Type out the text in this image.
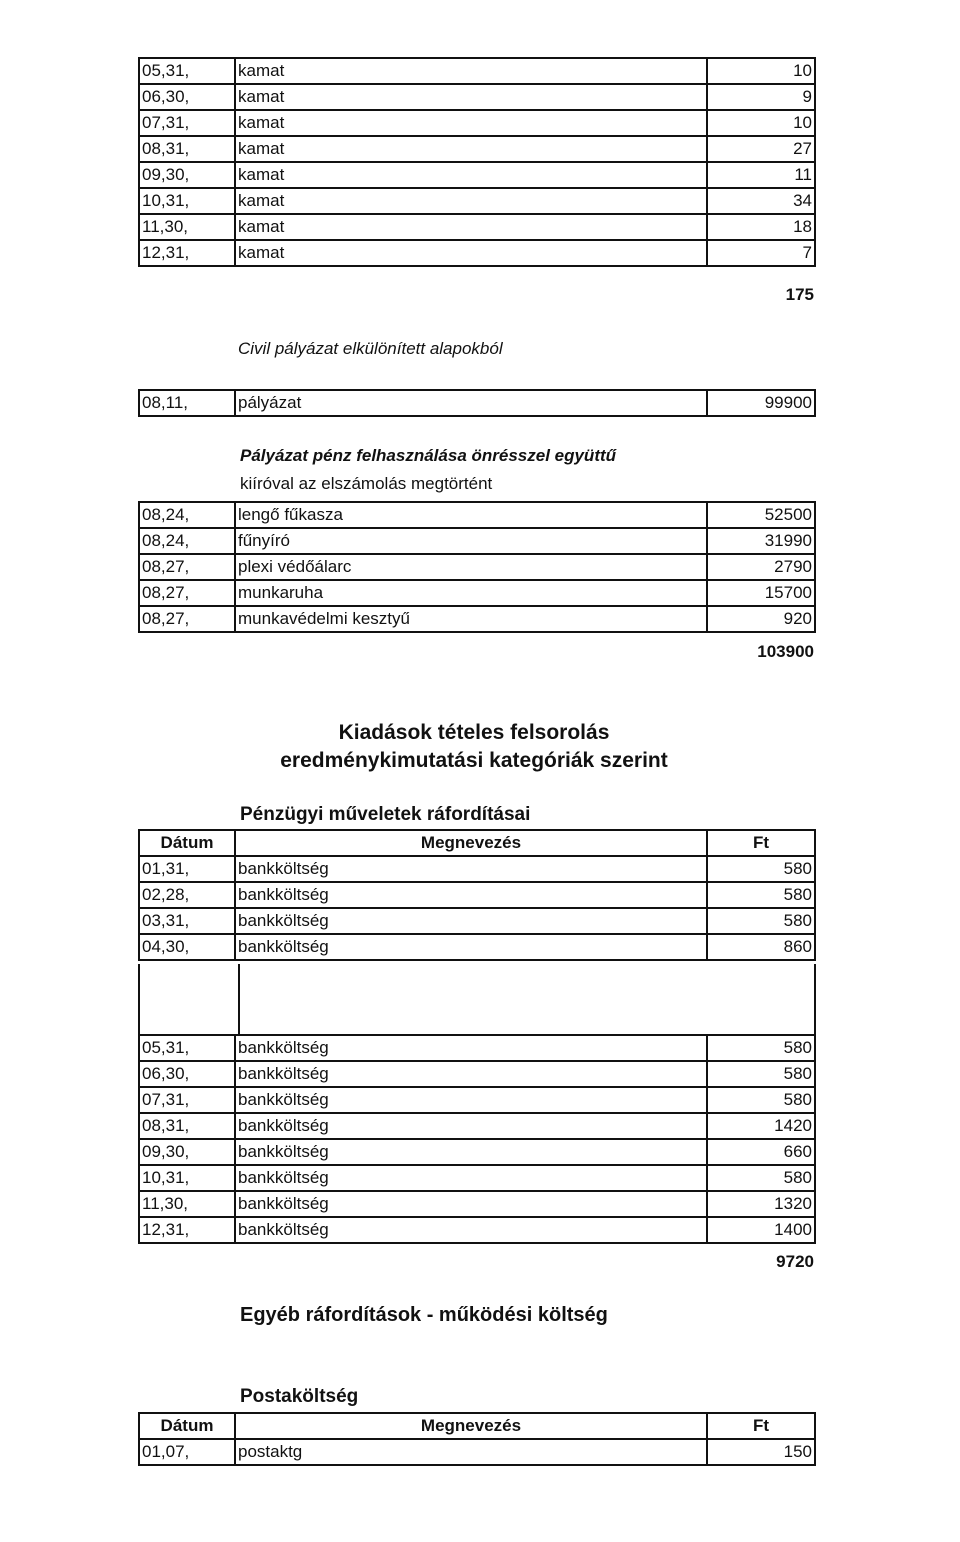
05,31,	kamat	10
06,30,	kamat	9
07,31,	kamat	10
08,31,	kamat	27
09,30,	kamat	11
10,31,	kamat	34
11,30,	kamat	18
12,31,	kamat	7
175
Civil pályázat elkülönített alapokból
08,11,	pályázat	99900
Pályázat pénz felhasználása önrésszel együttű
kiíróval az elszámolás megtörtént
08,24,	lengő fűkasza	52500
08,24,	fűnyíró	31990
08,27,	plexi védőálarc	2790
08,27,	munkaruha	15700
08,27,	munkavédelmi kesztyű	920
103900
Kiadások tételes felsorolás
eredménykimutatási kategóriák szerint
Pénzügyi műveletek ráfordításai
Dátum	Megnevezés	Ft
01,31,	bankköltség	580
02,28,	bankköltség	580
03,31,	bankköltség	580
04,30,	bankköltség	860
05,31,	bankköltség	580
06,30,	bankköltség	580
07,31,	bankköltség	580
08,31,	bankköltség	1420
09,30,	bankköltség	660
10,31,	bankköltség	580
11,30,	bankköltség	1320
12,31,	bankköltség	1400
9720
Egyéb ráfordítások - működési költség
Postaköltség
Dátum	Megnevezés	Ft
01,07,	postaktg	150
